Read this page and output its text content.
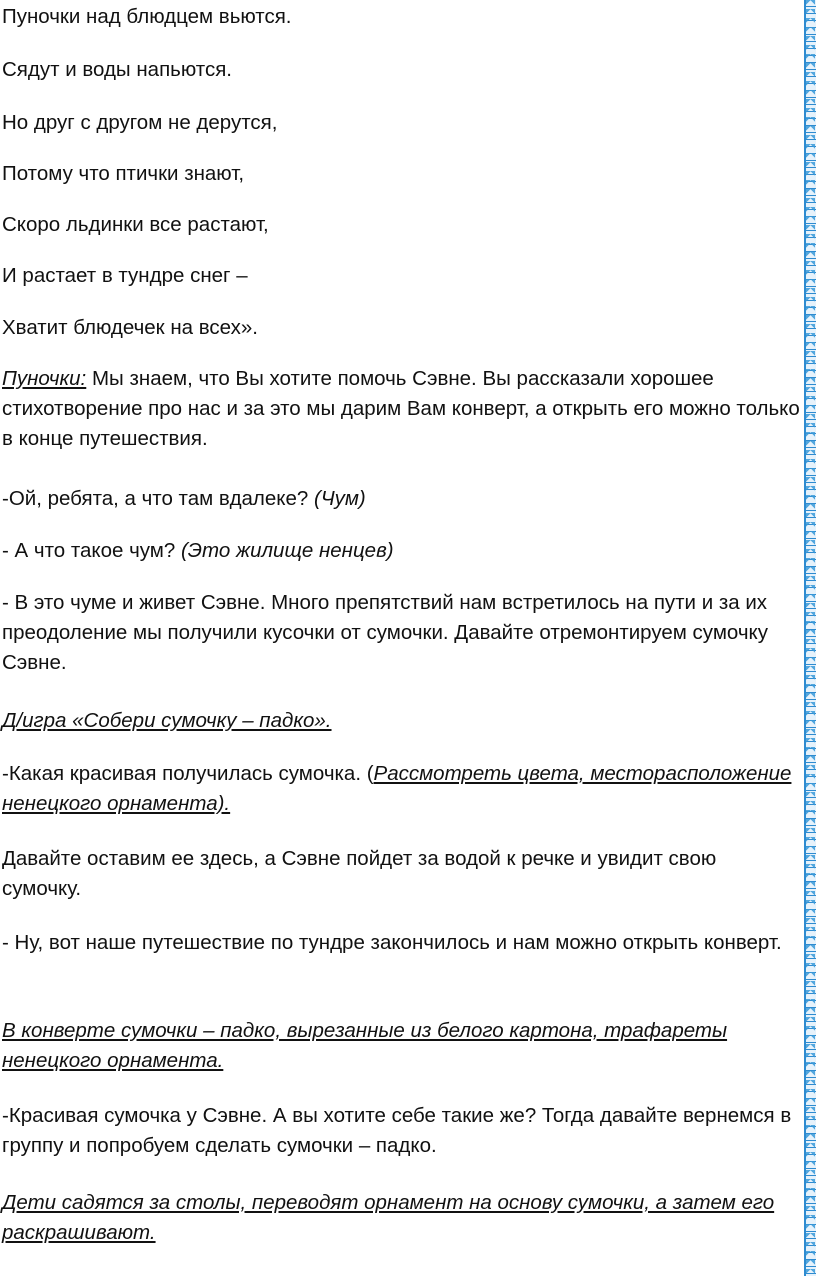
Пуночки над блюдцем вьются.

Сядут и воды напьются.

Но друг с другом не дерутся,

Потому что птички знают,

Скоро льдинки все растают,

И растает в тундре снег –

Хватит блюдечек на всех».

Пуночки: Мы знаем, что Вы хотите помочь Сэвне. Вы рассказали хорошее стихотворение про нас и за это мы дарим Вам конверт, а открыть его можно только в конце путешествия.

-Ой, ребята, а что там вдалеке? (Чум)

- А что такое чум? (Это жилище ненцев)

- В это чуме и живет Сэвне. Много препятствий нам встретилось на пути и за их преодоление мы получили кусочки от сумочки. Давайте отремонтируем сумочку Сэвне.

Д/игра «Собери сумочку – падко».

-Какая красивая получилась сумочка. (Рассмотреть цвета, месторасположение ненецкого орнамента).

Давайте оставим ее здесь, а Сэвне пойдет за водой к речке и увидит свою сумочку.

- Ну, вот наше путешествие по тундре закончилось и нам можно открыть конверт.

В конверте сумочки – падко, вырезанные из белого картона, трафареты ненецкого орнамента.

-Красивая сумочка у Сэвне. А вы хотите себе такие же? Тогда давайте вернемся в группу и попробуем сделать сумочки – падко.

Дети садятся за столы, переводят орнамент на основу сумочки, а затем его раскрашивают.
